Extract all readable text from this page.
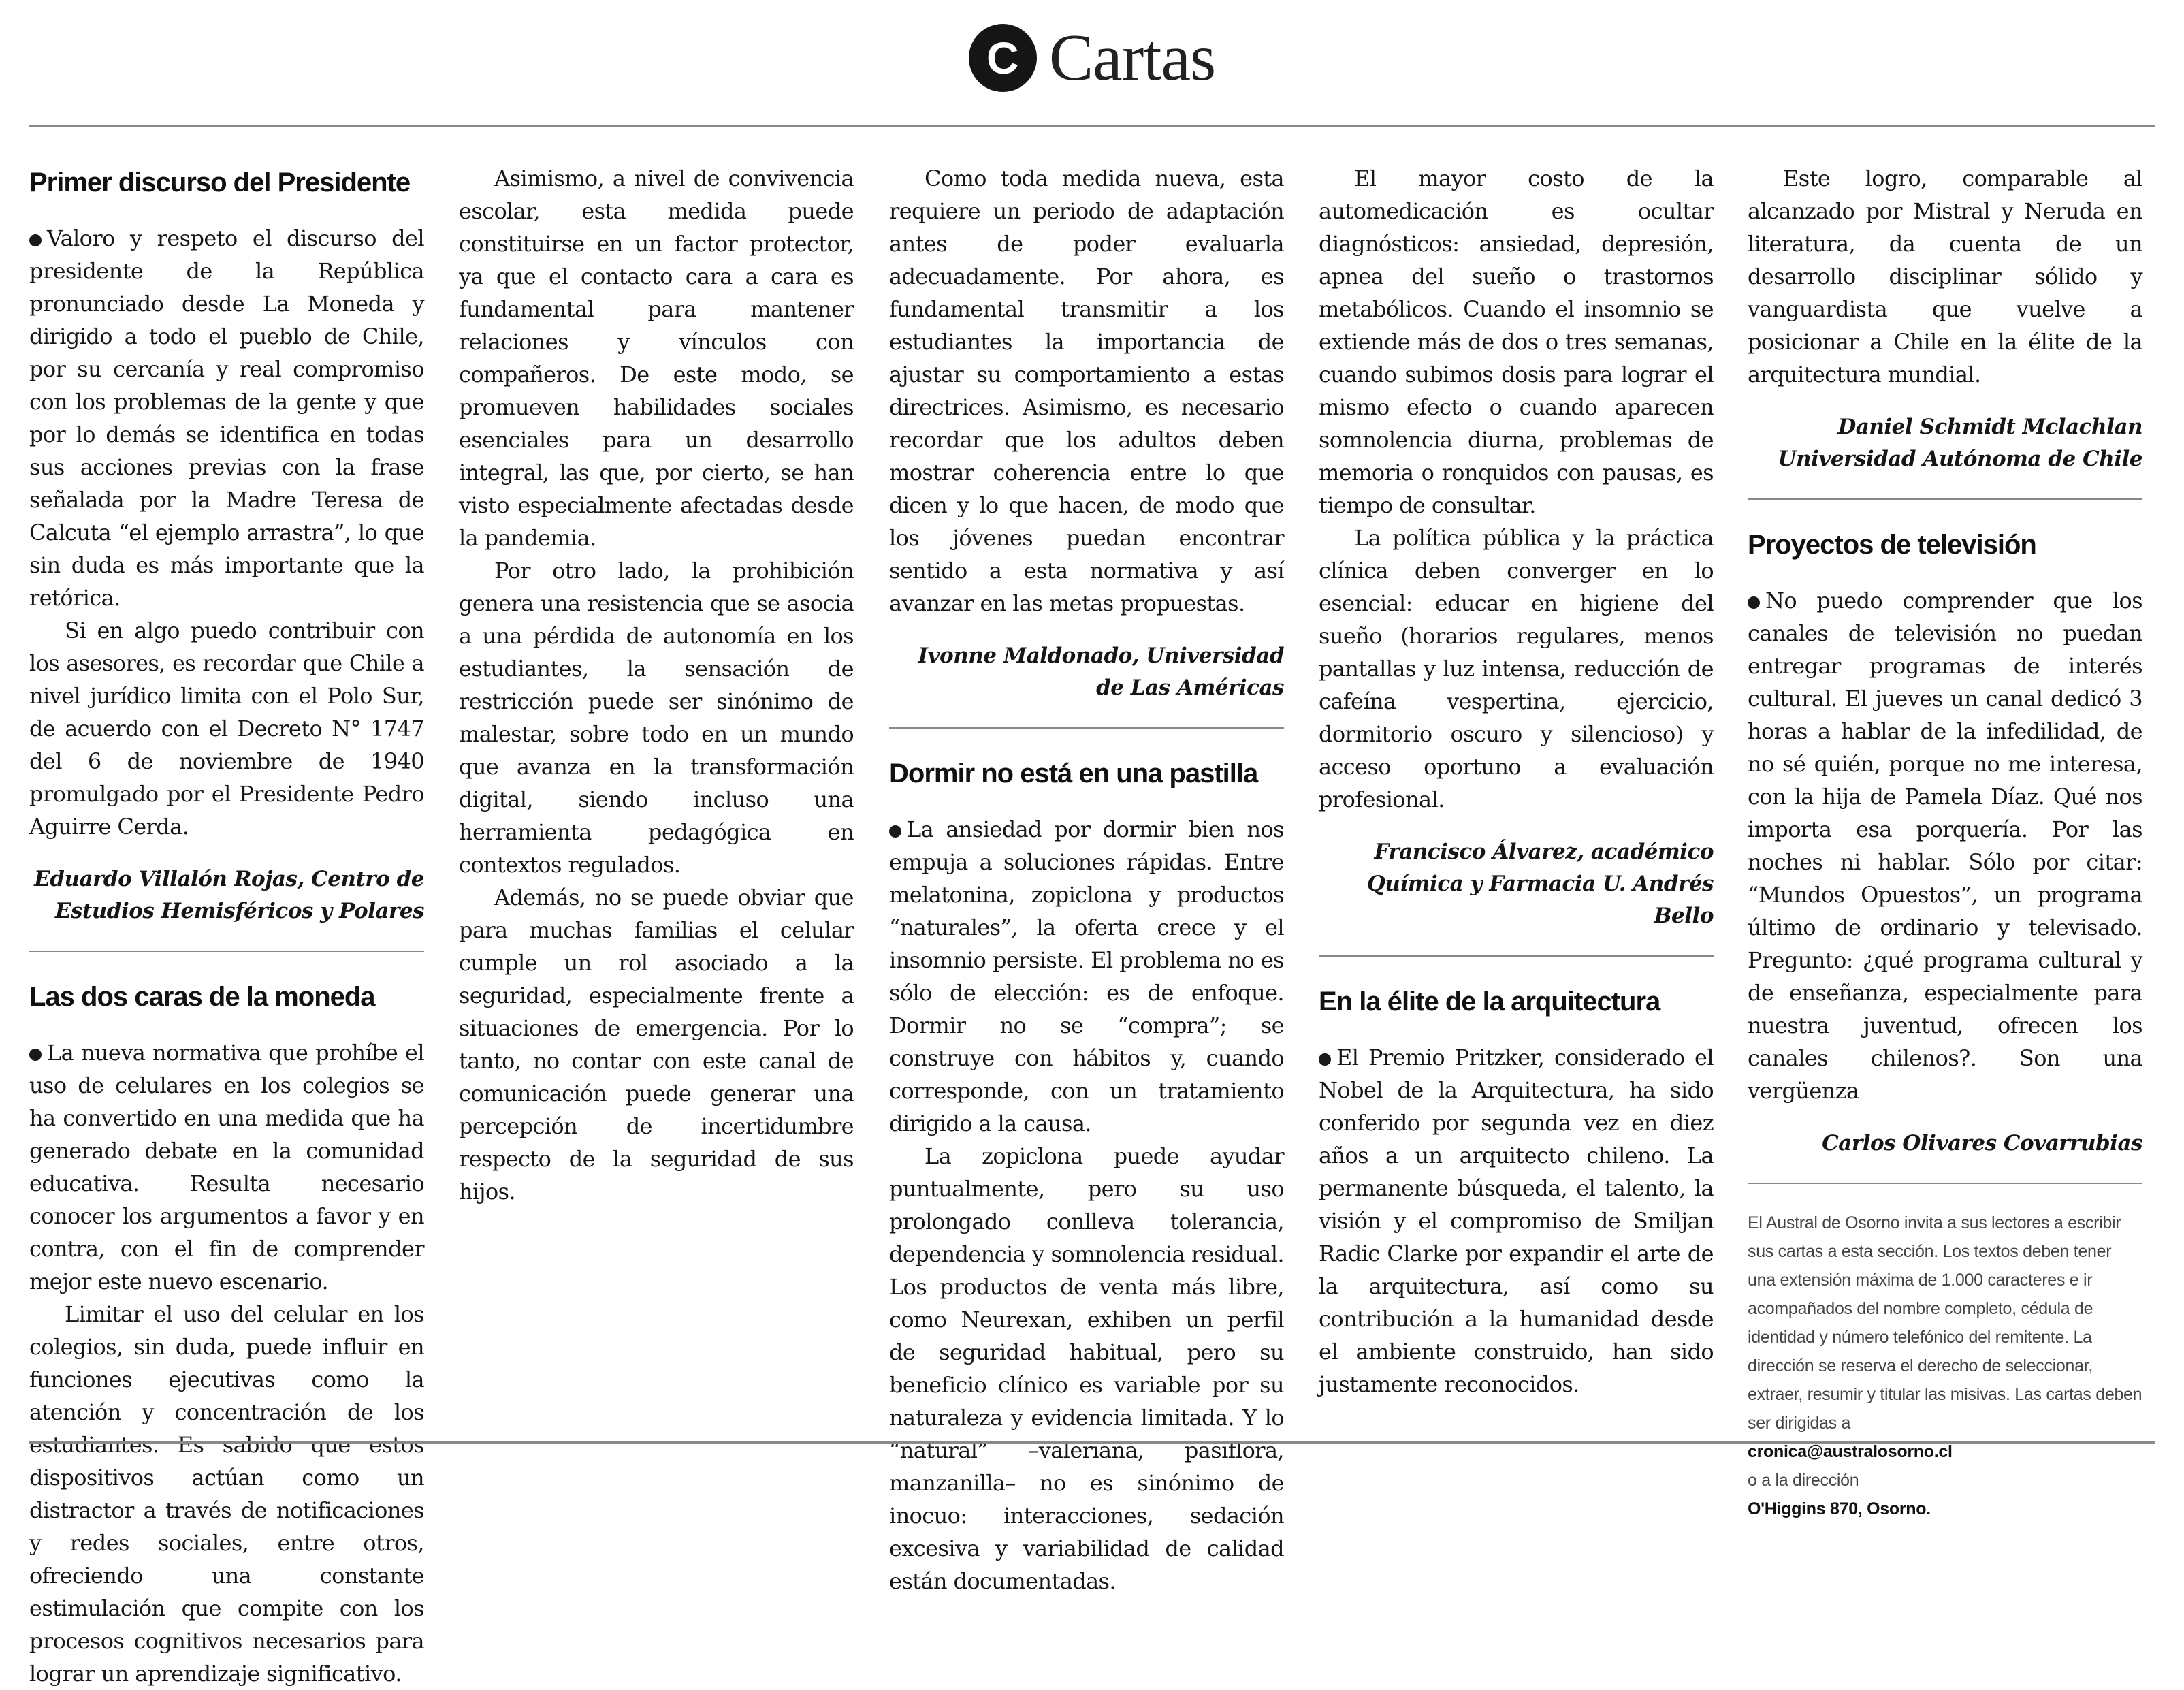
C Cartas
Primer discurso del Presidente

Valoro y respeto el discurso del presidente de la República pronunciado desde La Moneda y dirigido a todo el pueblo de Chile, por su cercanía y real compromiso con los problemas de la gente y que por lo demás se identifica en todas sus acciones previas con la frase señalada por la Madre Teresa de Calcuta “el ejemplo arrastra”, lo que sin duda es más importante que la retórica.

Si en algo puedo contribuir con los asesores, es recordar que Chile a nivel jurídico limita con el Polo Sur, de acuerdo con el Decreto N° 1747 del 6 de noviembre de 1940 promulgado por el Presidente Pedro Aguirre Cerda.

Eduardo Villalón Rojas, Centro de Estudios Hemisféricos y Polares
Las dos caras de la moneda

La nueva normativa que prohíbe el uso de celulares en los colegios se ha convertido en una medida que ha generado debate en la comunidad educativa. Resulta necesario conocer los argumentos a favor y en contra, con el fin de comprender mejor este nuevo escenario.

Limitar el uso del celular en los colegios, sin duda, puede influir en funciones ejecutivas como la atención y concentración de los estudiantes. Es sabido que estos dispositivos actúan como un distractor a través de notificaciones y redes sociales, entre otros, ofreciendo una constante estimulación que compite con los procesos cognitivos necesarios para lograr un aprendizaje significativo.

Asimismo, a nivel de convivencia escolar, esta medida puede constituirse en un factor protector, ya que el contacto cara a cara es fundamental para mantener relaciones y vínculos con compañeros. De este modo, se promueven habilidades sociales esenciales para un desarrollo integral, las que, por cierto, se han visto especialmente afectadas desde la pandemia.

Por otro lado, la prohibición genera una resistencia que se asocia a una pérdida de autonomía en los estudiantes, la sensación de restricción puede ser sinónimo de malestar, sobre todo en un mundo que avanza en la transformación digital, siendo incluso una herramienta pedagógica en contextos regulados.

Además, no se puede obviar que para muchas familias el celular cumple un rol asociado a la seguridad, especialmente frente a situaciones de emergencia. Por lo tanto, no contar con este canal de comunicación puede generar una percepción de incertidumbre respecto de la seguridad de sus hijos.

Como toda medida nueva, esta requiere un periodo de adaptación antes de poder evaluarla adecuadamente. Por ahora, es fundamental transmitir a los estudiantes la importancia de ajustar su comportamiento a estas directrices. Asimismo, es necesario recordar que los adultos deben mostrar coherencia entre lo que dicen y lo que hacen, de modo que los jóvenes puedan encontrar sentido a esta normativa y así avanzar en las metas propuestas.

Ivonne Maldonado, Universidad de Las Américas
Dormir no está en una pastilla

La ansiedad por dormir bien nos empuja a soluciones rápidas. Entre melatonina, zopiclona y productos “naturales”, la oferta crece y el insomnio persiste. El problema no es sólo de elección: es de enfoque. Dormir no se “compra”; se construye con hábitos y, cuando corresponde, con un tratamiento dirigido a la causa.

La zopiclona puede ayudar puntualmente, pero su uso prolongado conlleva tolerancia, dependencia y somnolencia residual. Los productos de venta más libre, como Neurexan, exhiben un perfil de seguridad habitual, pero su beneficio clínico es variable por su naturaleza y evidencia limitada. Y lo “natural” –valeriana, pasiflora, manzanilla– no es sinónimo de inocuo: interacciones, sedación excesiva y variabilidad de calidad están documentadas.

El mayor costo de la automedicación es ocultar diagnósticos: ansiedad, depresión, apnea del sueño o trastornos metabólicos. Cuando el insomnio se extiende más de dos o tres semanas, cuando subimos dosis para lograr el mismo efecto o cuando aparecen somnolencia diurna, problemas de memoria o ronquidos con pausas, es tiempo de consultar.

La política pública y la práctica clínica deben converger en lo esencial: educar en higiene del sueño (horarios regulares, menos pantallas y luz intensa, reducción de cafeína vespertina, ejercicio, dormitorio oscuro y silencioso) y acceso oportuno a evaluación profesional.

Francisco Álvarez, académico Química y Farmacia U. Andrés Bello
En la élite de la arquitectura

El Premio Pritzker, considerado el Nobel de la Arquitectura, ha sido conferido por segunda vez en diez años a un arquitecto chileno. La permanente búsqueda, el talento, la visión y el compromiso de Smiljan Radic Clarke por expandir el arte de la arquitectura, así como su contribución a la humanidad desde el ambiente construido, han sido justamente reconocidos.

Este logro, comparable al alcanzado por Mistral y Neruda en literatura, da cuenta de un desarrollo disciplinar sólido y vanguardista que vuelve a posicionar a Chile en la élite de la arquitectura mundial.

Daniel Schmidt Mclachlan Universidad Autónoma de Chile
Proyectos de televisión

No puedo comprender que los canales de televisión no puedan entregar programas de interés cultural. El jueves un canal dedicó 3 horas a hablar de la infedilidad, de no sé quién, porque no me interesa, con la hija de Pamela Díaz. Qué nos importa esa porquería. Por las noches ni hablar. Sólo por citar: “Mundos Opuestos”, un programa último de ordinario y televisado. Pregunto: ¿qué programa cultural y de enseñanza, especialmente para nuestra juventud, ofrecen los canales chilenos?. Son una vergüenza

Carlos Olivares Covarrubias
El Austral de Osorno invita a sus lectores a escribir sus cartas a esta sección. Los textos deben tener una extensión máxima de 1.000 caracteres e ir acompañados del nombre completo, cédula de identidad y número telefónico del remitente. La dirección se reserva el derecho de seleccionar, extraer, resumir y titular las misivas. Las cartas deben ser dirigidas a
cronica@australosorno.cl
o a la dirección
O'Higgins 870, Osorno.
